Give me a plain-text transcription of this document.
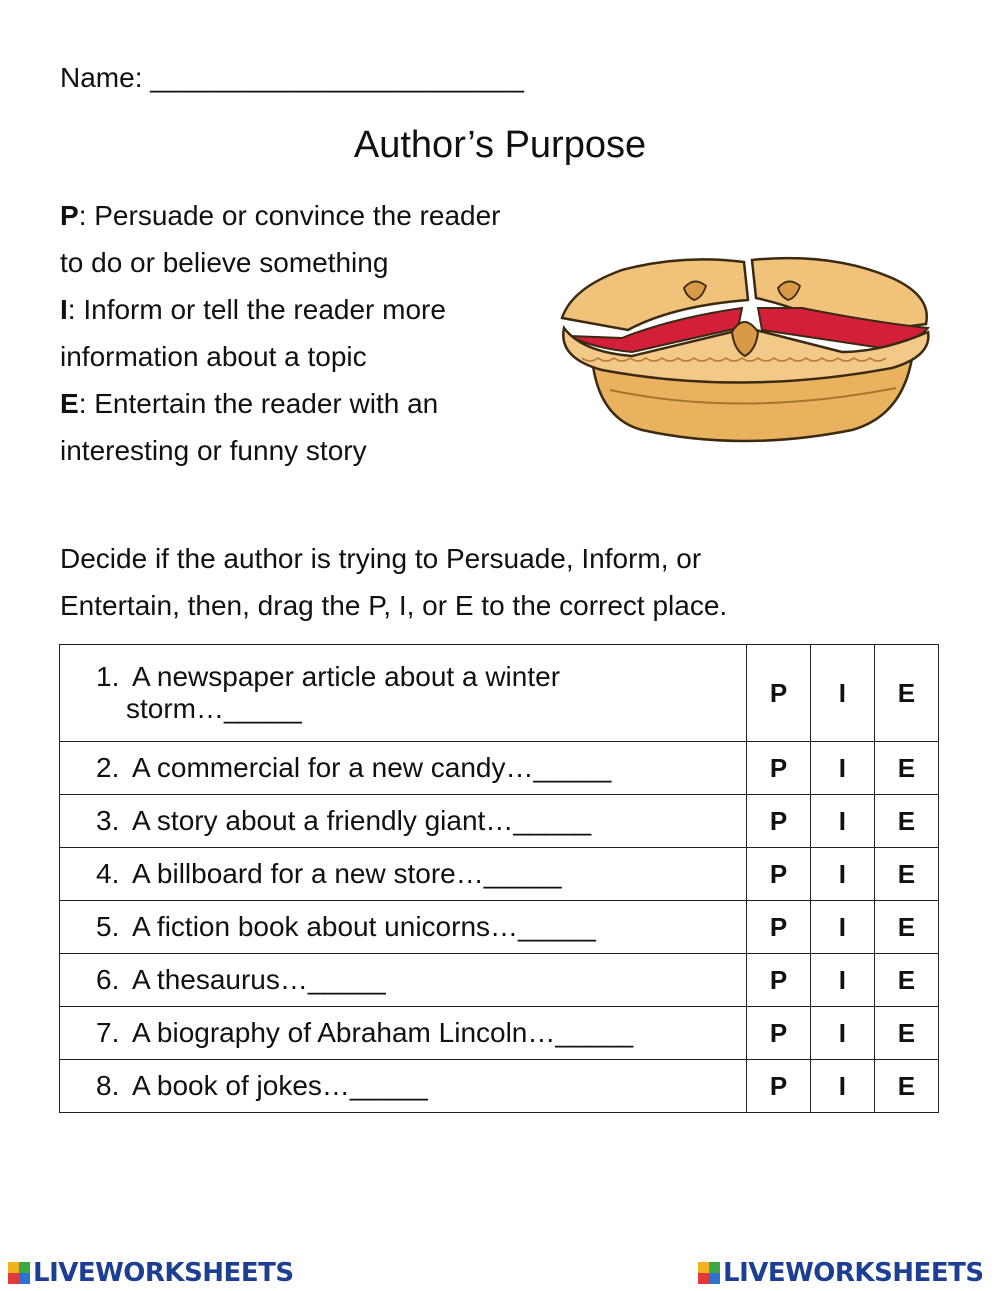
Name: ________________________
Author’s Purpose
P: Persuade or convince the reader
to do or believe something
I: Inform or tell the reader more
information about a topic
E: Entertain the reader with an
interesting or funny story
Decide if the author is trying to Persuade, Inform, or
Entertain, then, drag the P, I, or E to the correct place.
1. A newspaper article about a winter
storm…_____	P	I	E
2. A commercial for a new candy…_____	P	I	E
3. A story about a friendly giant…_____	P	I	E
4. A billboard for a new store…_____	P	I	E
5. A fiction book about unicorns…_____	P	I	E
6. A thesaurus…_____	P	I	E
7. A biography of Abraham Lincoln…_____	P	I	E
8. A book of jokes…_____	P	I	E
LIVEWORKSHEETS	LIVEWORKSHEETS
